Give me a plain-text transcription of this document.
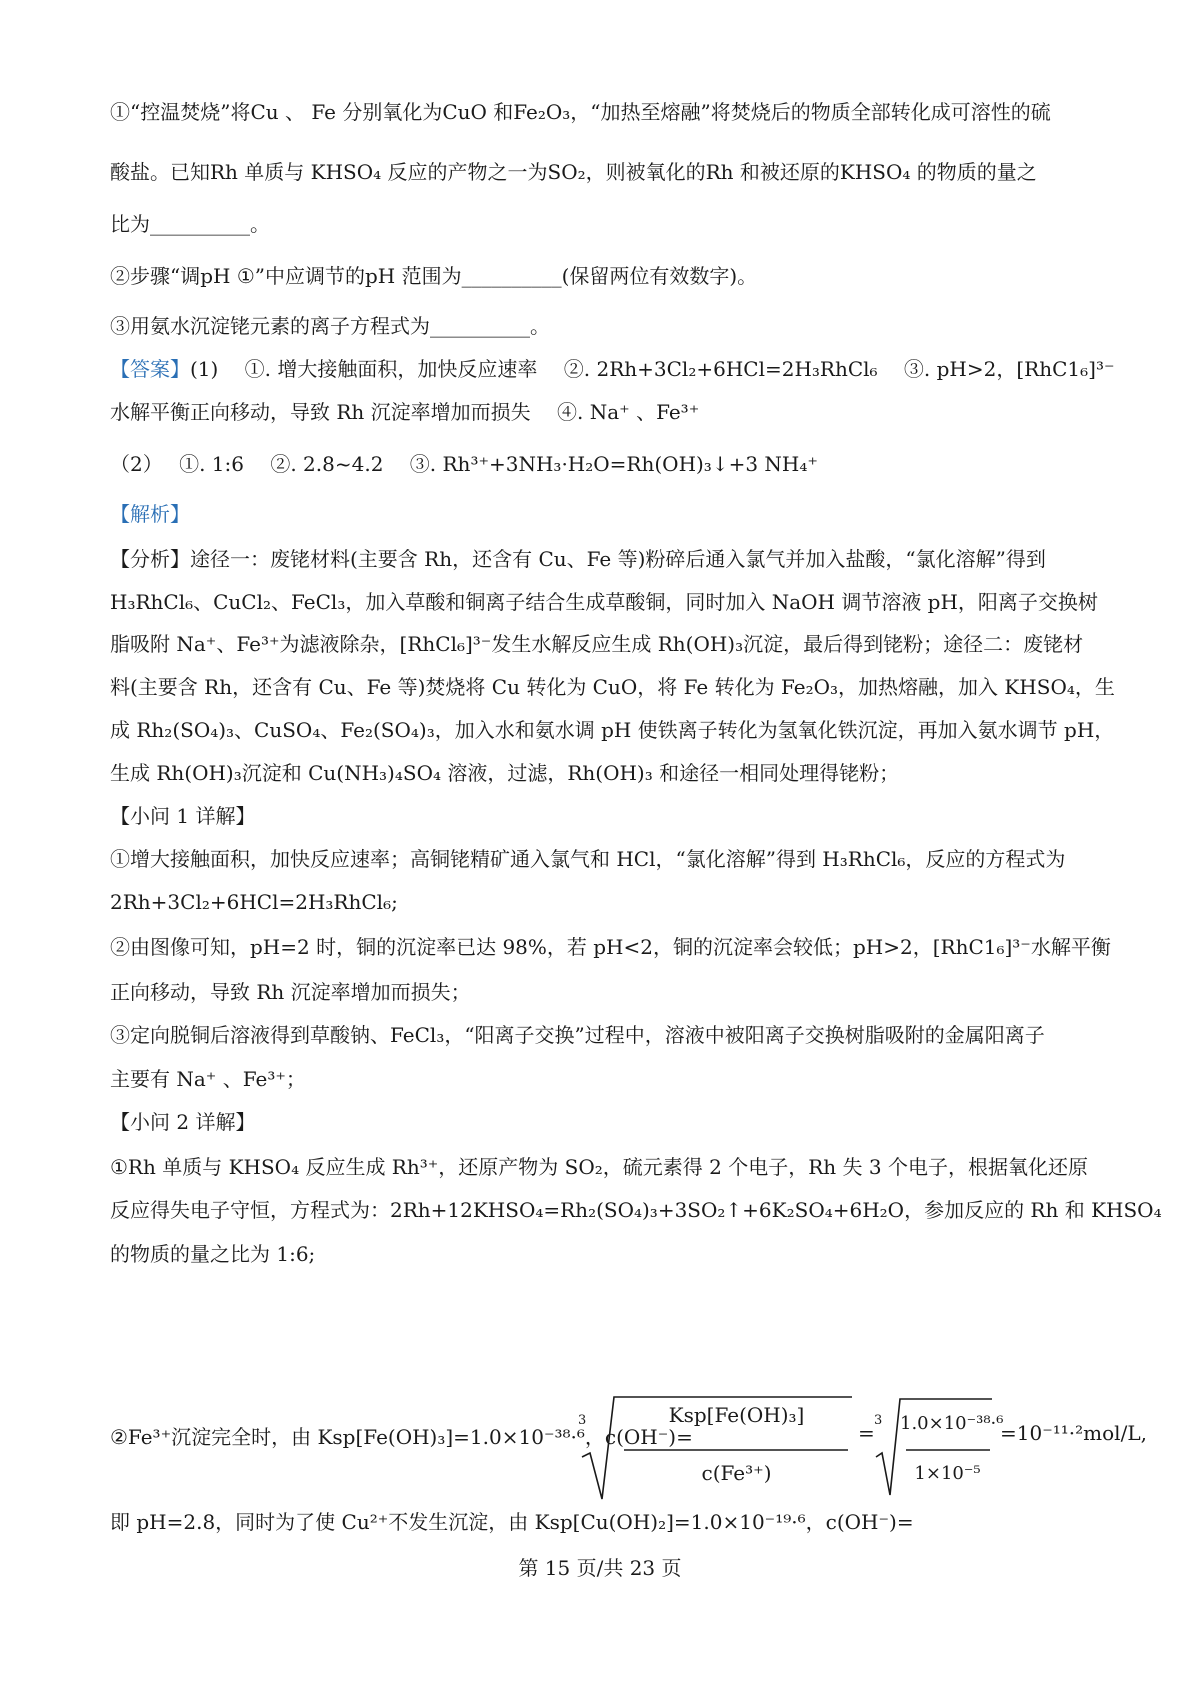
①“控温焚烧”将Cu 、 Fe 分别氧化为CuO 和Fe₂O₃，“加热至熔融”将焚烧后的物质全部转化成可溶性的硫
酸盐。已知Rh 单质与 KHSO₄ 反应的产物之一为SO₂，则被氧化的Rh 和被还原的KHSO₄ 的物质的量之
比为__________。
②步骤“调pH ①”中应调节的pH 范围为__________(保留两位有效数字)。
③用氨水沉淀铑元素的离子方程式为__________。
【答案】(1)　 ①. 增大接触面积，加快反应速率　 ②. 2Rh+3Cl₂+6HCl=2H₃RhCl₆　 ③. pH>2，[RhC1₆]³⁻
水解平衡正向移动，导致 Rh 沉淀率增加而损失　 ④. Na⁺ 、Fe³⁺
（2）　 ①. 1:6　 ②. 2.8~4.2　 ③. Rh³⁺+3NH₃·H₂O=Rh(OH)₃↓+3 NH₄⁺
【解析】
【分析】途径一：废铑材料(主要含 Rh，还含有 Cu、Fe 等)粉碎后通入氯气并加入盐酸，“氯化溶解”得到
H₃RhCl₆、CuCl₂、FeCl₃，加入草酸和铜离子结合生成草酸铜，同时加入 NaOH 调节溶液 pH，阳离子交换树
脂吸附 Na⁺、Fe³⁺为滤液除杂，[RhCl₆]³⁻发生水解反应生成 Rh(OH)₃沉淀，最后得到铑粉；途径二：废铑材
料(主要含 Rh，还含有 Cu、Fe 等)焚烧将 Cu 转化为 CuO，将 Fe 转化为 Fe₂O₃，加热熔融，加入 KHSO₄，生
成 Rh₂(SO₄)₃、CuSO₄、Fe₂(SO₄)₃，加入水和氨水调 pH 使铁离子转化为氢氧化铁沉淀，再加入氨水调节 pH，
生成 Rh(OH)₃沉淀和 Cu(NH₃)₄SO₄ 溶液，过滤，Rh(OH)₃ 和途径一相同处理得铑粉；
【小问 1 详解】
①增大接触面积，加快反应速率；高铜铑精矿通入氯气和 HCl，“氯化溶解”得到 H₃RhCl₆，反应的方程式为
2Rh+3Cl₂+6HCl=2H₃RhCl₆;
②由图像可知，pH=2 时，铜的沉淀率已达 98%，若 pH<2，铜的沉淀率会较低；pH>2，[RhC1₆]³⁻水解平衡
正向移动，导致 Rh 沉淀率增加而损失；
③定向脱铜后溶液得到草酸钠、FeCl₃，“阳离子交换”过程中，溶液中被阳离子交换树脂吸附的金属阳离子
主要有 Na⁺ 、Fe³⁺；
【小问 2 详解】
①Rh 单质与 KHSO₄ 反应生成 Rh³⁺，还原产物为 SO₂，硫元素得 2 个电子，Rh 失 3 个电子，根据氧化还原
反应得失电子守恒，方程式为：2Rh+12KHSO₄=Rh₂(SO₄)₃+3SO₂↑+6K₂SO₄+6H₂O，参加反应的 Rh 和 KHSO₄
的物质的量之比为 1:6;
②Fe³⁺沉淀完全时，由 Ksp[Fe(OH)₃]=1.0×10⁻³⁸·⁶，c(OH⁻)=
3	Ksp[Fe(OH)₃]
c(Fe³⁺)
=
3 1.0×10⁻³⁸·⁶
1×10⁻⁵
=10⁻¹¹·²mol/L,
即 pH=2.8，同时为了使 Cu²⁺不发生沉淀，由 Ksp[Cu(OH)₂]=1.0×10⁻¹⁹·⁶，c(OH⁻)=
第 15 页/共 23 页
